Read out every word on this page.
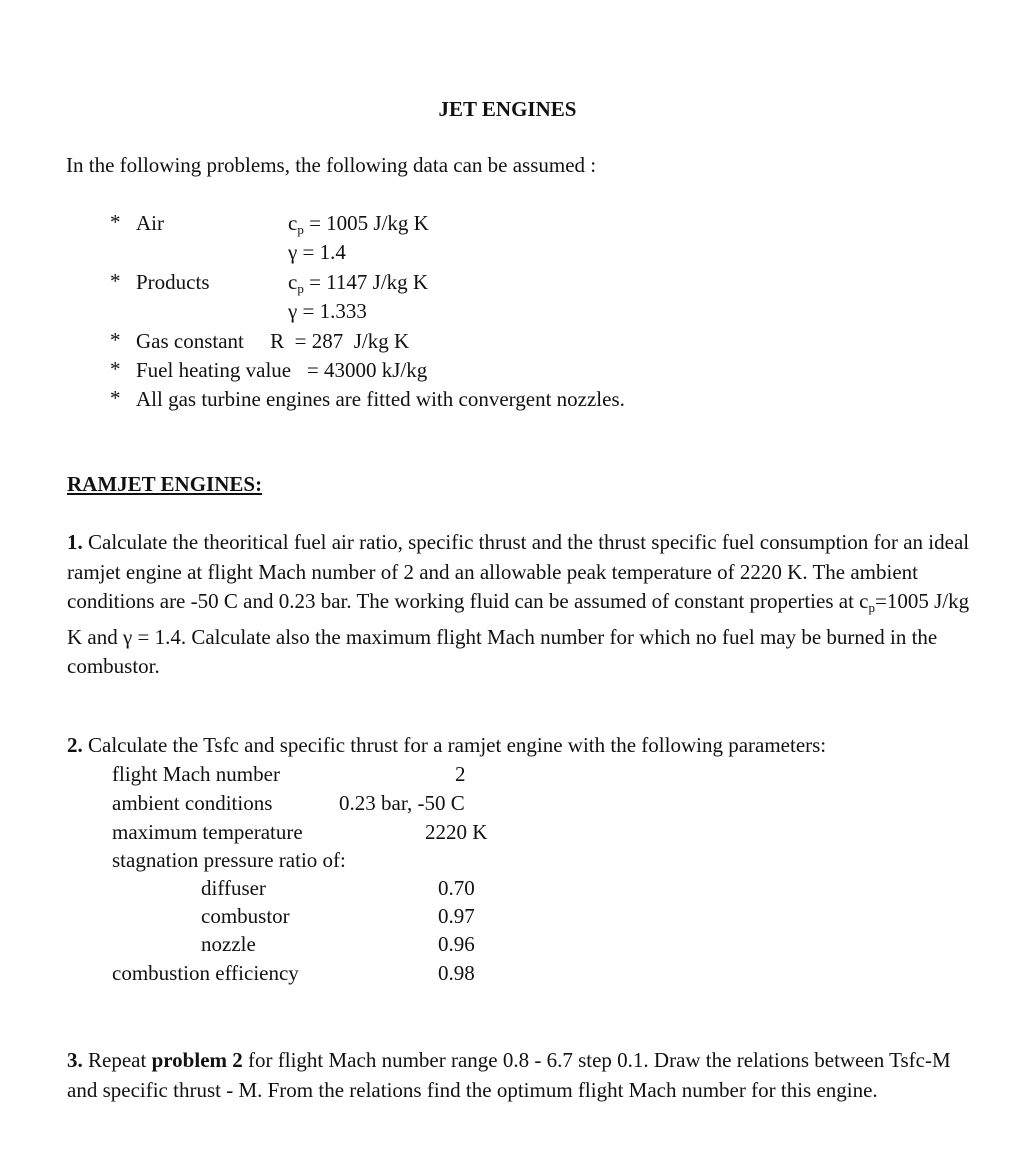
JET ENGINES
In the following problems, the following data can be assumed :
* Air	$c_p = 1005$ J/kg K
γ = 1.4
* Products	$c_p = 1147$ J/kg K
γ = 1.333
* Gas constant     R  = 287  J/kg K
* Fuel heating value   = 43000 kJ/kg
* All gas turbine engines are fitted with convergent nozzles.
RAMJET ENGINES:
1. Calculate the theoritical fuel air ratio, specific thrust and the thrust specific fuel consumption for an ideal ramjet engine at flight Mach number of 2 and an allowable peak temperature of 2220 K. The ambient conditions are -50 C and 0.23 bar. The working fluid can be assumed of constant properties at $c_p=1005$ J/kg K and γ = 1.4. Calculate also the maximum flight Mach number for which no fuel may be burned in the combustor.
2. Calculate the Tsfc and specific thrust for a ramjet engine with the following parameters:
flight Mach number	2
ambient conditions	0.23 bar, -50 C
maximum temperature	2220 K
stagnation pressure ratio of:
diffuser	0.70
combustor	0.97
nozzle	0.96
combustion efficiency	0.98
3. Repeat problem 2 for flight Mach number range 0.8 - 6.7 step 0.1. Draw the relations between Tsfc-M and specific thrust - M. From the relations find the optimum flight Mach number for this engine.
